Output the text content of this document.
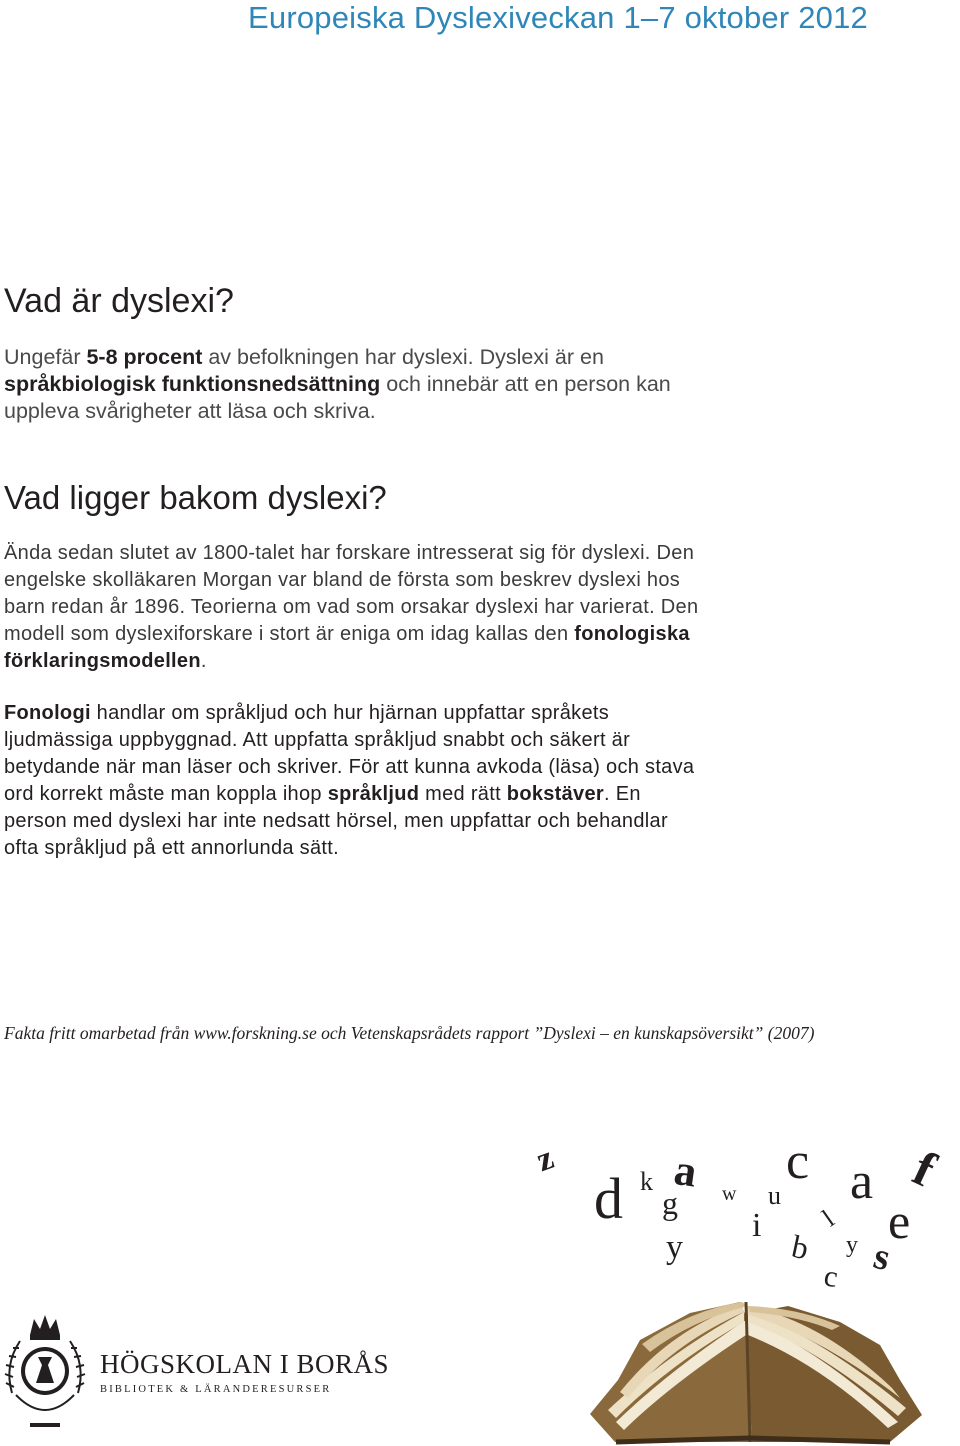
Europeiska Dyslexiveckan 1–7 oktober 2012
Vad är dyslexi?

Ungefär 5-8 procent av befolkningen har dyslexi. Dyslexi är en språkbiologisk funktionsnedsättning och innebär att en person kan uppleva svårigheter att läsa och skriva.

Vad ligger bakom dyslexi?

Ända sedan slutet av 1800-talet har forskare intresserat sig för dyslexi. Den engelske skolläkaren Morgan var bland de första som beskrev dyslexi hos barn redan år 1896. Teorierna om vad som orsakar dyslexi har varierat. Den modell som dyslexiforskare i stort är eniga om idag kallas den fonologiska förklaringsmodellen.

Fonologi handlar om språkljud och hur hjärnan uppfattar språkets ljudmässiga uppbyggnad. Att uppfatta språkljud snabbt och säkert är betydande när man läser och skriver. För att kunna avkoda (läsa) och stava ord korrekt måste man koppla ihop språkljud med rätt bokstäver. En person med dyslexi har inte nedsatt hörsel, men uppfattar och behandlar ofta språkljud på ett annorlunda sätt.

Fakta fritt omarbetad från www.forskning.se och Vetenskapsrådets rapport ”Dyslexi – en kunskapsöversikt” (2007)

z
d k a
g w u
c a f
e
i l
y
b
y	s
c

HÖGSKOLAN I BORÅS

BIBLIOTEK & LÄRANDERESURSER
